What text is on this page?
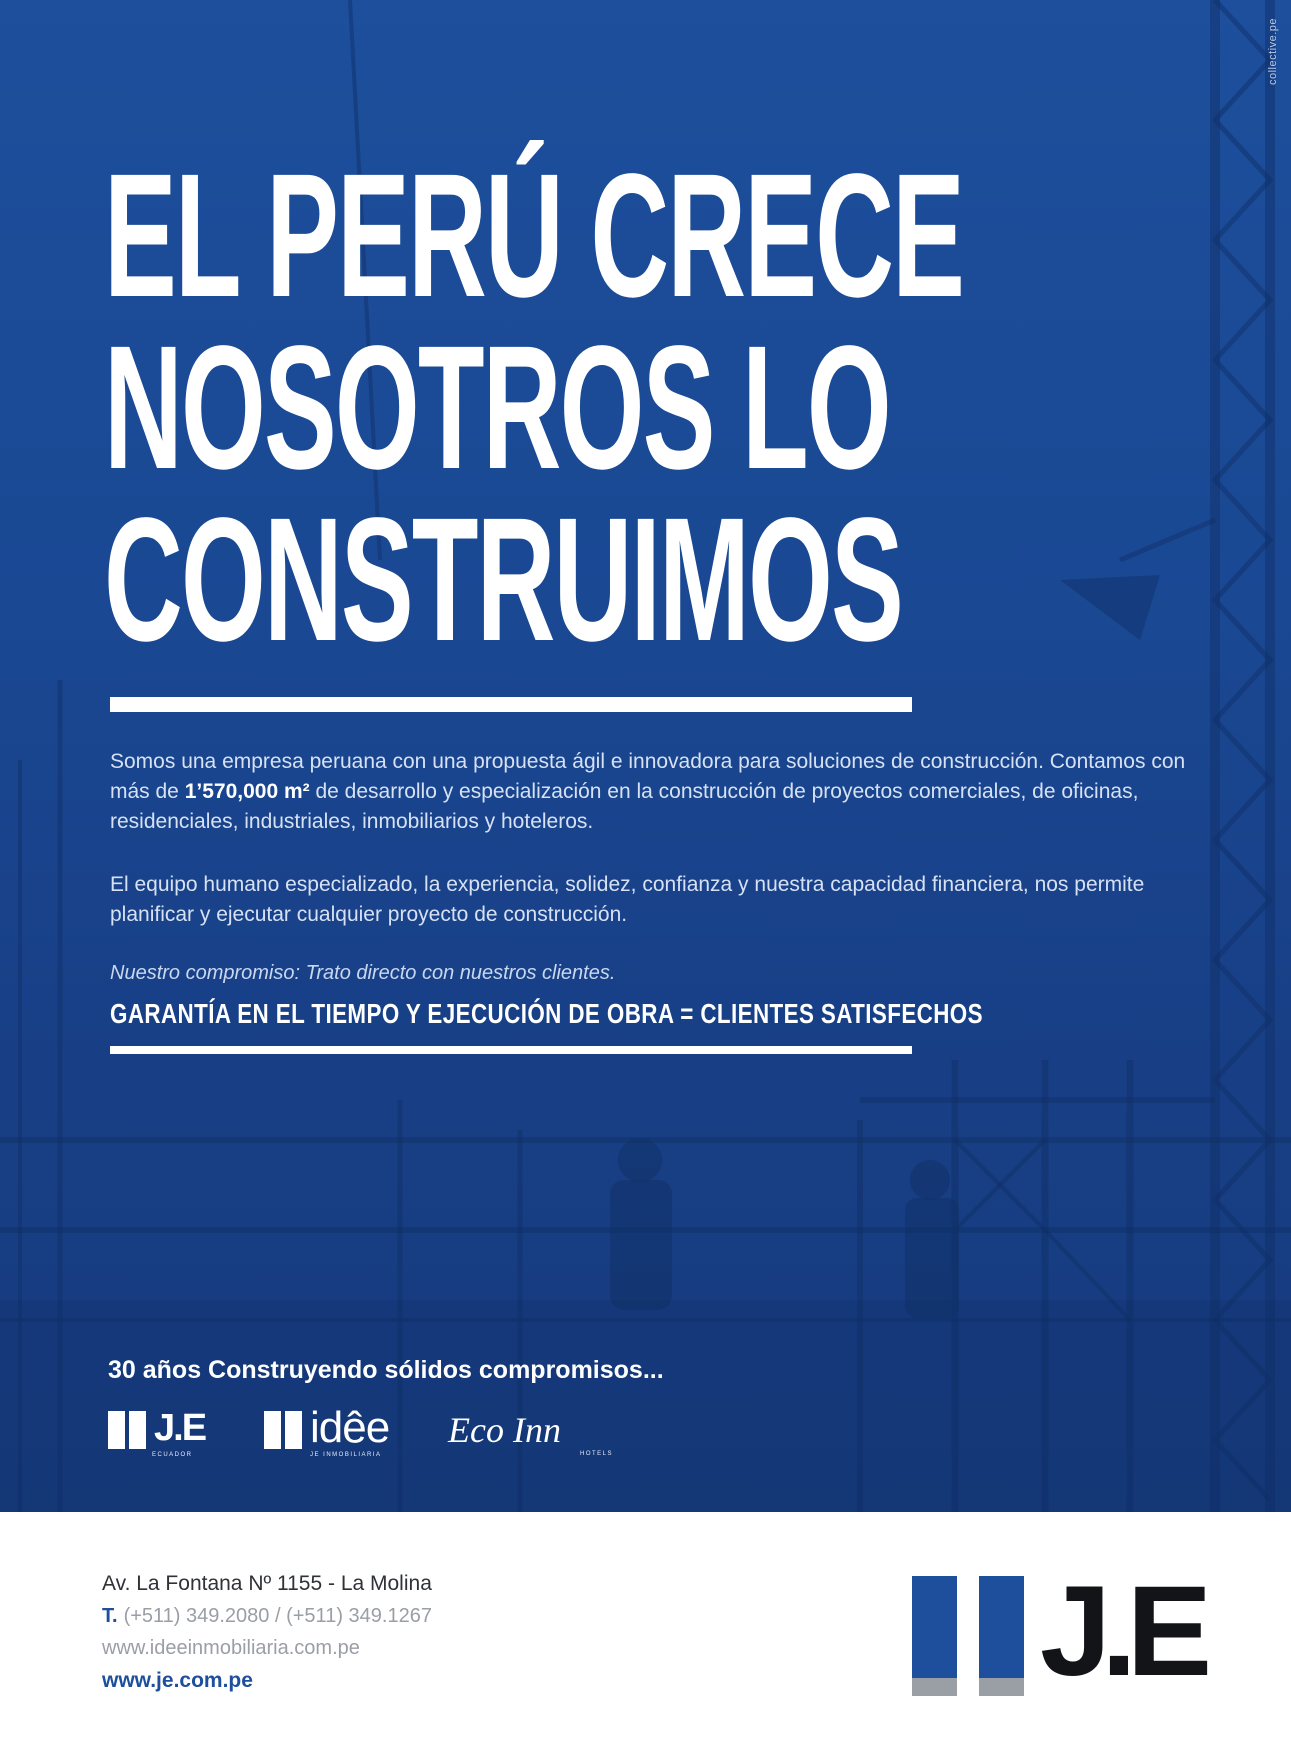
collective.pe
EL PERÚ CRECE
NOSOTROS LO
CONSTRUIMOS

Somos una empresa peruana con una propuesta ágil e innovadora para soluciones de construcción. Contamos con más de 1’570,000 m² de desarrollo y especialización en la construcción de proyectos comerciales, de oficinas, residenciales, industriales, inmobiliarios y hoteleros.

El equipo humano especializado, la experiencia, solidez, confianza y nuestra capacidad financiera, nos permite planificar y ejecutar cualquier proyecto de construcción.

Nuestro compromiso: Trato directo con nuestros clientes.

GARANTÍA EN EL TIEMPO Y EJECUCIÓN DE OBRA = CLIENTES SATISFECHOS

30 años Construyendo sólidos compromisos...

J.E
ECUADOR
idêe
JE INMOBILIARIA
Eco Inn
HOTELS

Av. La Fontana Nº 1155 - La Molina

T. (+511) 349.2080 / (+511) 349.1267

www.ideeinmobiliaria.com.pe

www.je.com.pe	J.E
